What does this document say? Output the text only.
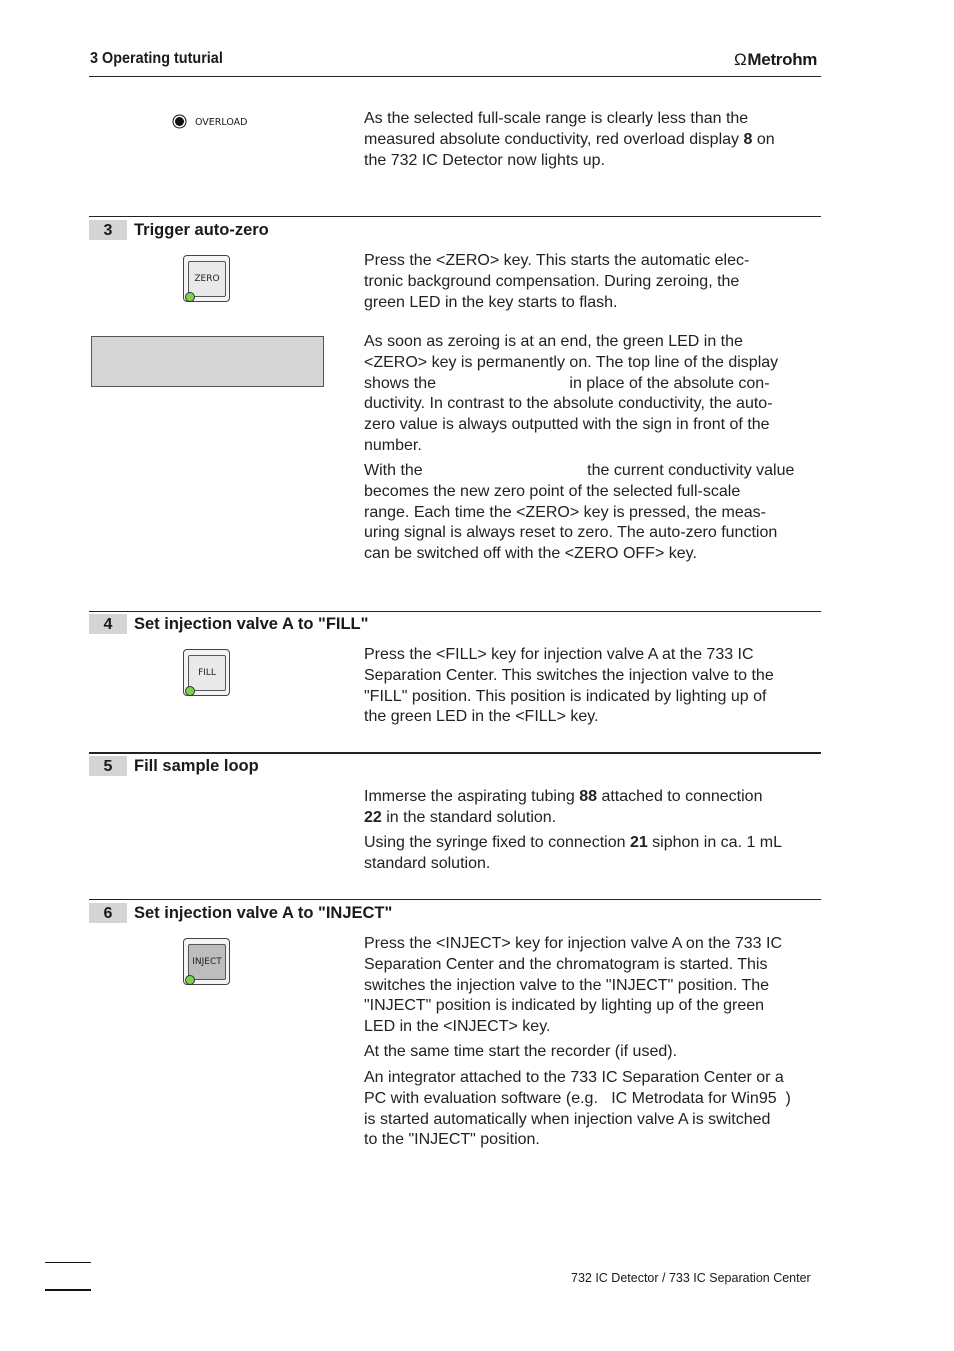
3 Operating tuturial	ΩMetrohm
OVERLOAD	As the selected full-scale range is clearly less than the
measured absolute conductivity, red overload display 8 on
the 732 IC Detector now lights up.
3	Trigger auto-zero
ZERO
Press the <ZERO> key. This starts the automatic elec-
tronic background compensation. During zeroing, the
green LED in the key starts to flash.
As soon as zeroing is at an end, the green LED in the
<ZERO> key is permanently on. The top line of the display
shows the                              in place of the absolute con-
ductivity. In contrast to the absolute conductivity, the auto-
zero value is always outputted with the sign in front of the
number.
With the                                     the current conductivity value
becomes the new zero point of the selected full-scale
range. Each time the <ZERO> key is pressed, the meas-
uring signal is always reset to zero. The auto-zero function
can be switched off with the <ZERO OFF> key.
4	Set injection valve A to "FILL"
FILL
Press the <FILL> key for injection valve A at the 733 IC
Separation Center. This switches the injection valve to the
"FILL" position. This position is indicated by lighting up of
the green LED in the <FILL> key.
5	Fill sample loop
Immerse the aspirating tubing 88 attached to connection
22 in the standard solution.
Using the syringe fixed to connection 21 siphon in ca. 1 mL
standard solution.
6	Set injection valve A to "INJECT"
INJECT
Press the <INJECT> key for injection valve A on the 733 IC
Separation Center and the chromatogram is started. This
switches the injection valve to the "INJECT" position. The
"INJECT" position is indicated by lighting up of the green
LED in the <INJECT> key.
At the same time start the recorder (if used).
An integrator attached to the 733 IC Separation Center or a
PC with evaluation software (e.g.   IC Metrodata for Win95  )
is started automatically when injection valve A is switched
to the "INJECT" position.
732 IC Detector / 733 IC Separation Center
